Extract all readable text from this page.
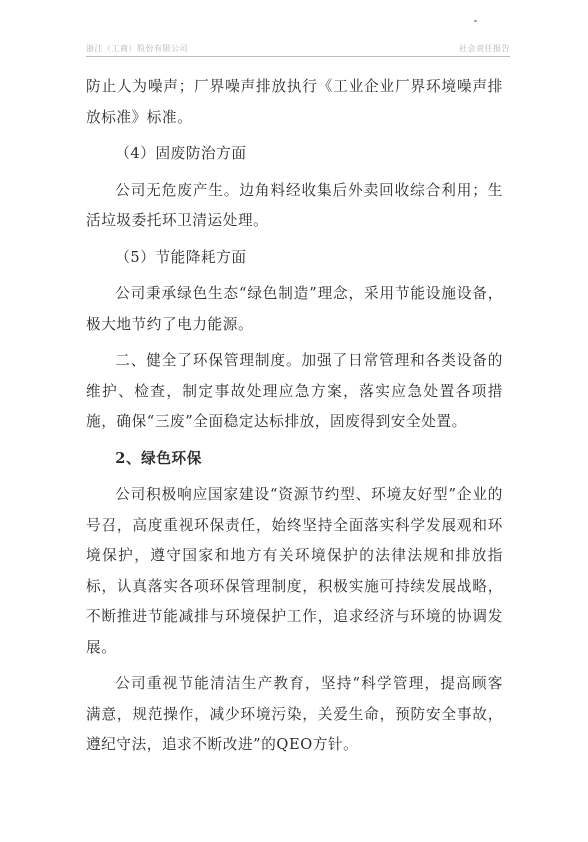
浙江（工商）股份有限公司	社会责任报告

防止人为噪声；厂界噪声排放执行《工业企业厂界环境噪声排放标准》标准。

（4）固废防治方面

公司无危废产生。边角料经收集后外卖回收综合利用；生活垃圾委托环卫清运处理。

（5）节能降耗方面

公司秉承绿色生态“绿色制造”理念，采用节能设施设备，极大地节约了电力能源。

二、健全了环保管理制度。加强了日常管理和各类设备的维护、检查，制定事故处理应急方案，落实应急处置各项措施，确保“三废”全面稳定达标排放，固废得到安全处置。

2、绿色环保

公司积极响应国家建设“资源节约型、环境友好型”企业的号召，高度重视环保责任，始终坚持全面落实科学发展观和环境保护，遵守国家和地方有关环境保护的法律法规和排放指标，认真落实各项环保管理制度，积极实施可持续发展战略，不断推进节能减排与环境保护工作，追求经济与环境的协调发展。

公司重视节能清洁生产教育，坚持“科学管理，提高顾客满意，规范操作，减少环境污染，关爱生命，预防安全事故，遵纪守法，追求不断改进”的QEO方针。
